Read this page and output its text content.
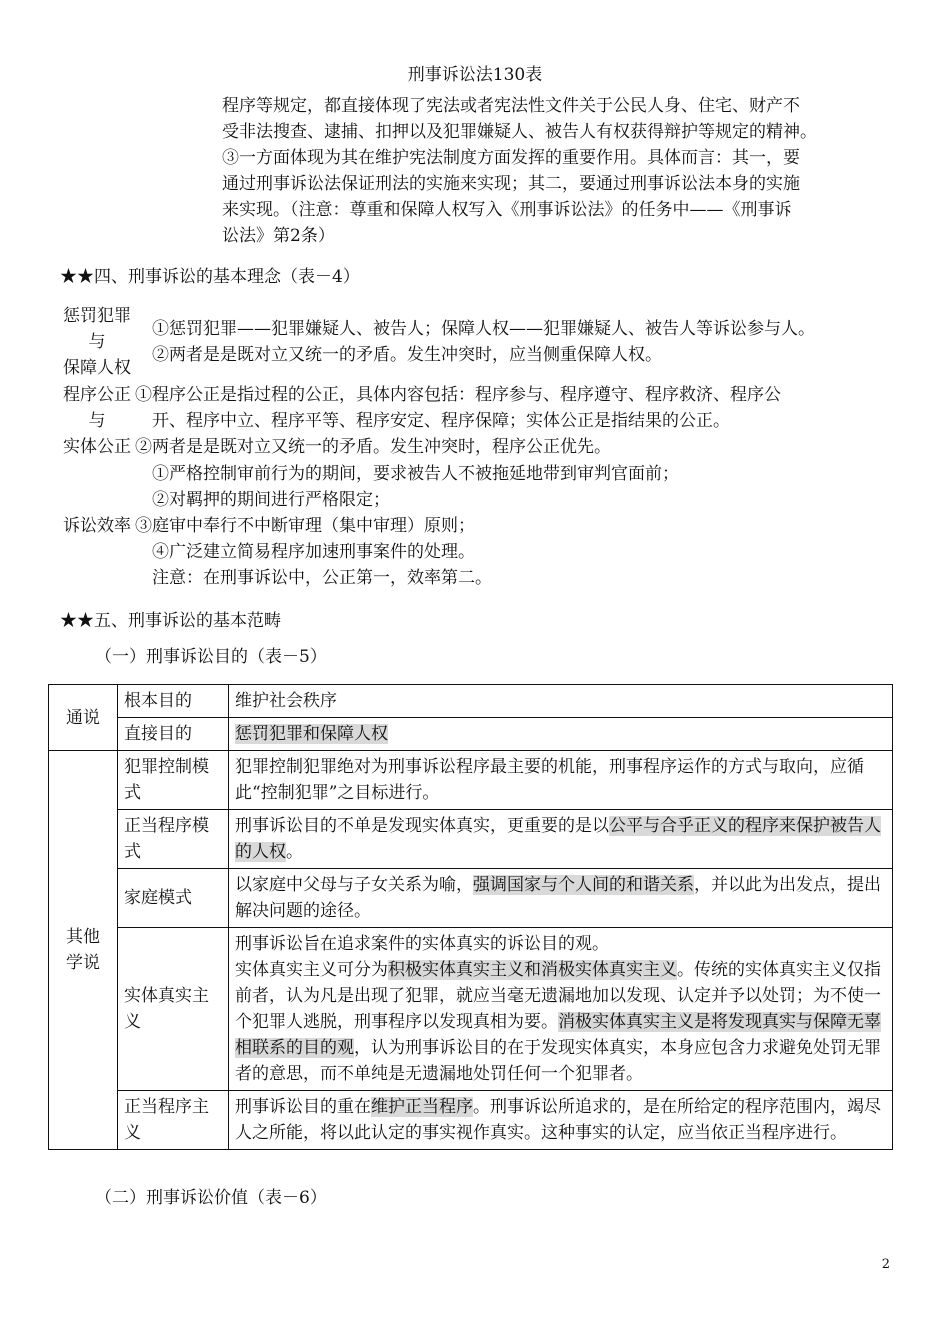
刑事诉讼法130表

程序等规定，都直接体现了宪法或者宪法性文件关于公民人身、住宅、财产不

受非法搜查、逮捕、扣押以及犯罪嫌疑人、被告人有权获得辩护等规定的精神。

③一方面体现为其在维护宪法制度方面发挥的重要作用。具体而言：其一，要

通过刑事诉讼法保证刑法的实施来实现；其二，要通过刑事诉讼法本身的实施

来实现。（注意：尊重和保障人权写入《刑事诉讼法》的任务中——《刑事诉

讼法》第2条）

★★四、刑事诉讼的基本理念（表－4）
惩罚犯罪
与
保障人权
①惩罚犯罪——犯罪嫌疑人、被告人；保障人权——犯罪嫌疑人、被告人等诉讼参与人。
②两者是是既对立又统一的矛盾。发生冲突时，应当侧重保障人权。
程序公正
与
实体公正
①程序公正是指过程的公正，具体内容包括：程序参与、程序遵守、程序救济、程序公
开、程序中立、程序平等、程序安定、程序保障；实体公正是指结果的公正。
②两者是是既对立又统一的矛盾。发生冲突时，程序公正优先。
①严格控制审前行为的期间，要求被告人不被拖延地带到审判官面前；
②对羁押的期间进行严格限定；
诉讼效率 ③庭审中奉行不中断审理（集中审理）原则；
④广泛建立简易程序加速刑事案件的处理。
注意：在刑事诉讼中，公正第一，效率第二。
★★五、刑事诉讼的基本范畴
（一）刑事诉讼目的（表－5）
通说	根本目的	维护社会秩序
	直接目的	惩罚犯罪和保障人权

其他学说	犯罪控制模式	犯罪控制犯罪绝对为刑事诉讼程序最主要的机能，刑事程序运作的方式与取向，应循此“控制犯罪”之目标进行。
	正当程序模式	刑事诉讼目的不单是发现实体真实，更重要的是以公平与合乎正义的程序来保护被告人的人权。
	家庭模式	以家庭中父母与子女关系为喻，强调国家与个人间的和谐关系，并以此为出发点，提出解决问题的途径。
	实体真实主义	刑事诉讼旨在追求案件的实体真实的诉讼目的观。
实体真实主义可分为积极实体真实主义和消极实体真实主义。传统的实体真实主义仅指前者，认为凡是出现了犯罪，就应当毫无遗漏地加以发现、认定并予以处罚；为不使一个犯罪人逃脱，刑事程序以发现真相为要。消极实体真实主义是将发现真实与保障无辜相联系的目的观，认为刑事诉讼目的在于发现实体真实，本身应包含力求避免处罚无罪者的意思，而不单纯是无遗漏地处罚任何一个犯罪者。

	正当程序主义	刑事诉讼目的重在维护正当程序。刑事诉讼所追求的，是在所给定的程序范围内，竭尽人之所能，将以此认定的事实视作真实。这种事实的认定，应当依正当程序进行。
（二）刑事诉讼价值（表－6）
2
